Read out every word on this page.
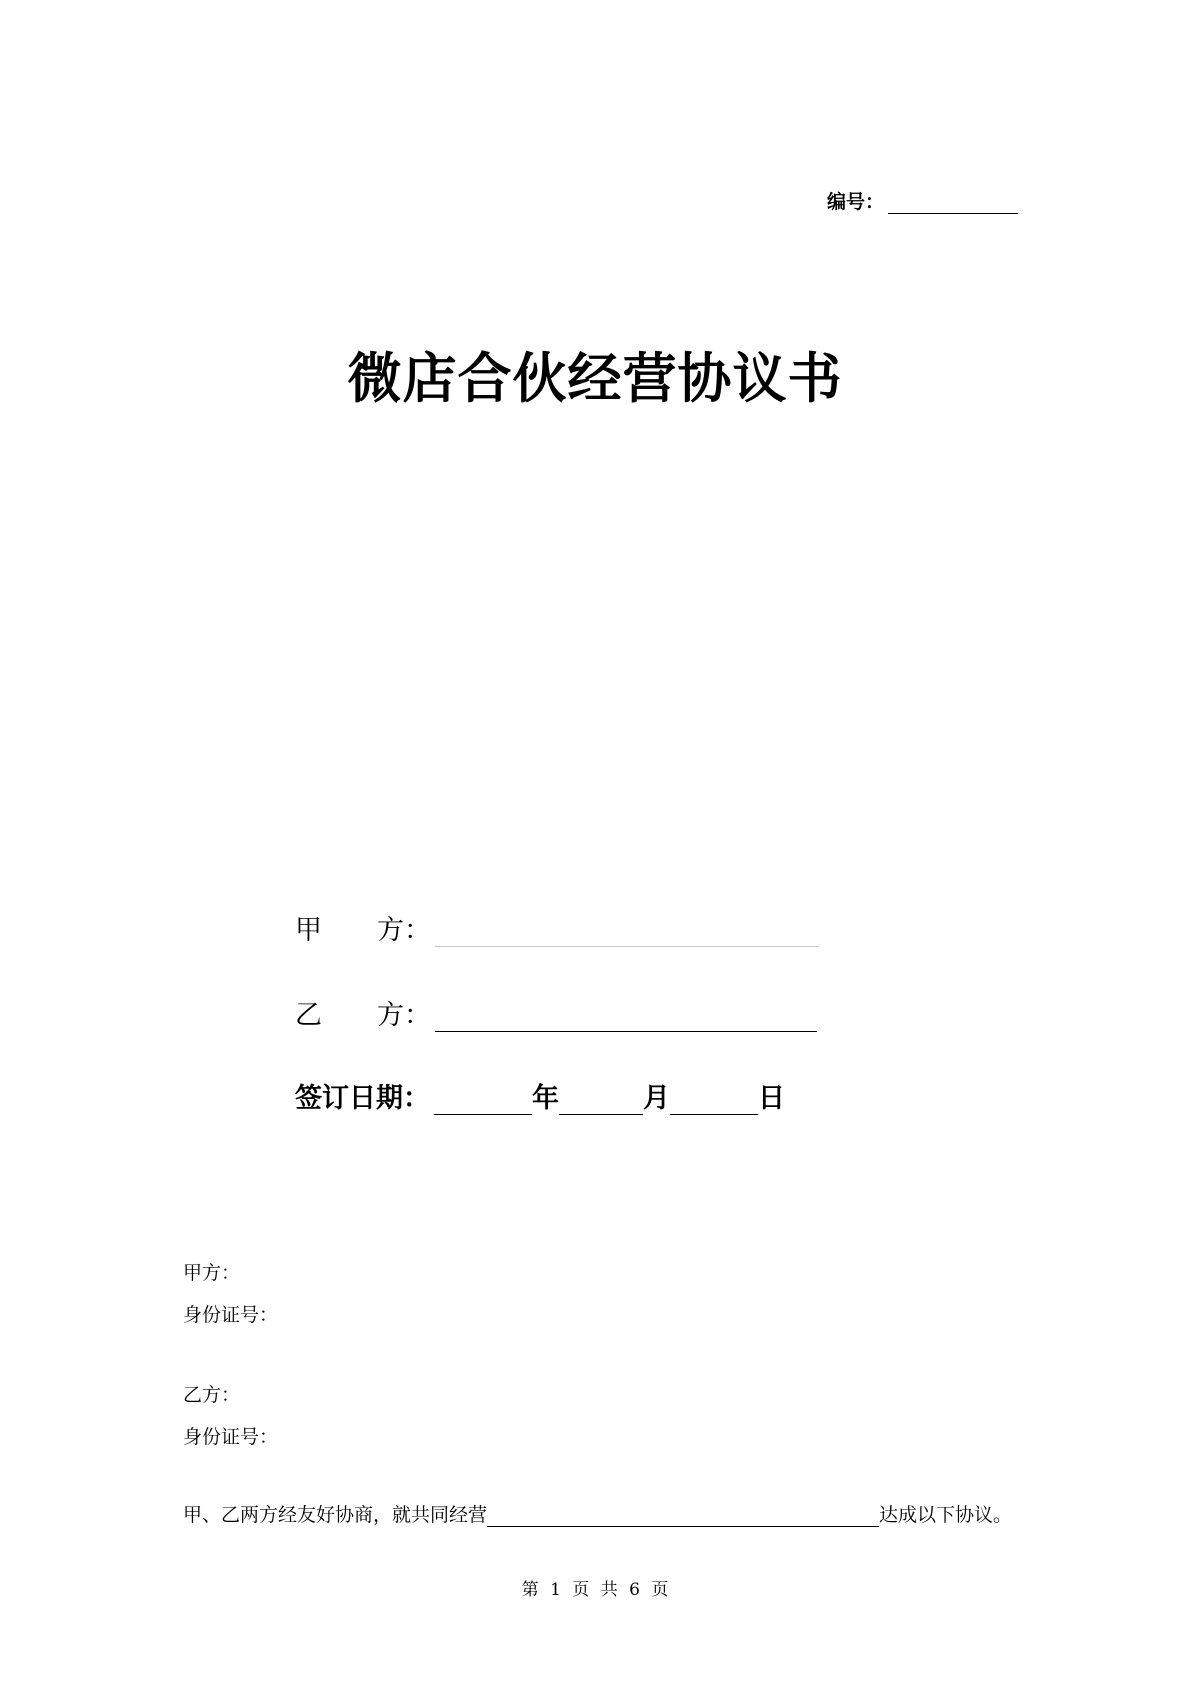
编号：
微店合伙经营协议书
甲 方：
乙 方：
签订日期：	年	月	日
甲方：
身份证号：
乙方：
身份证号：
甲、乙两方经友好协商，就共同经营	达成以下协议。
第 1 页 共 6 页
